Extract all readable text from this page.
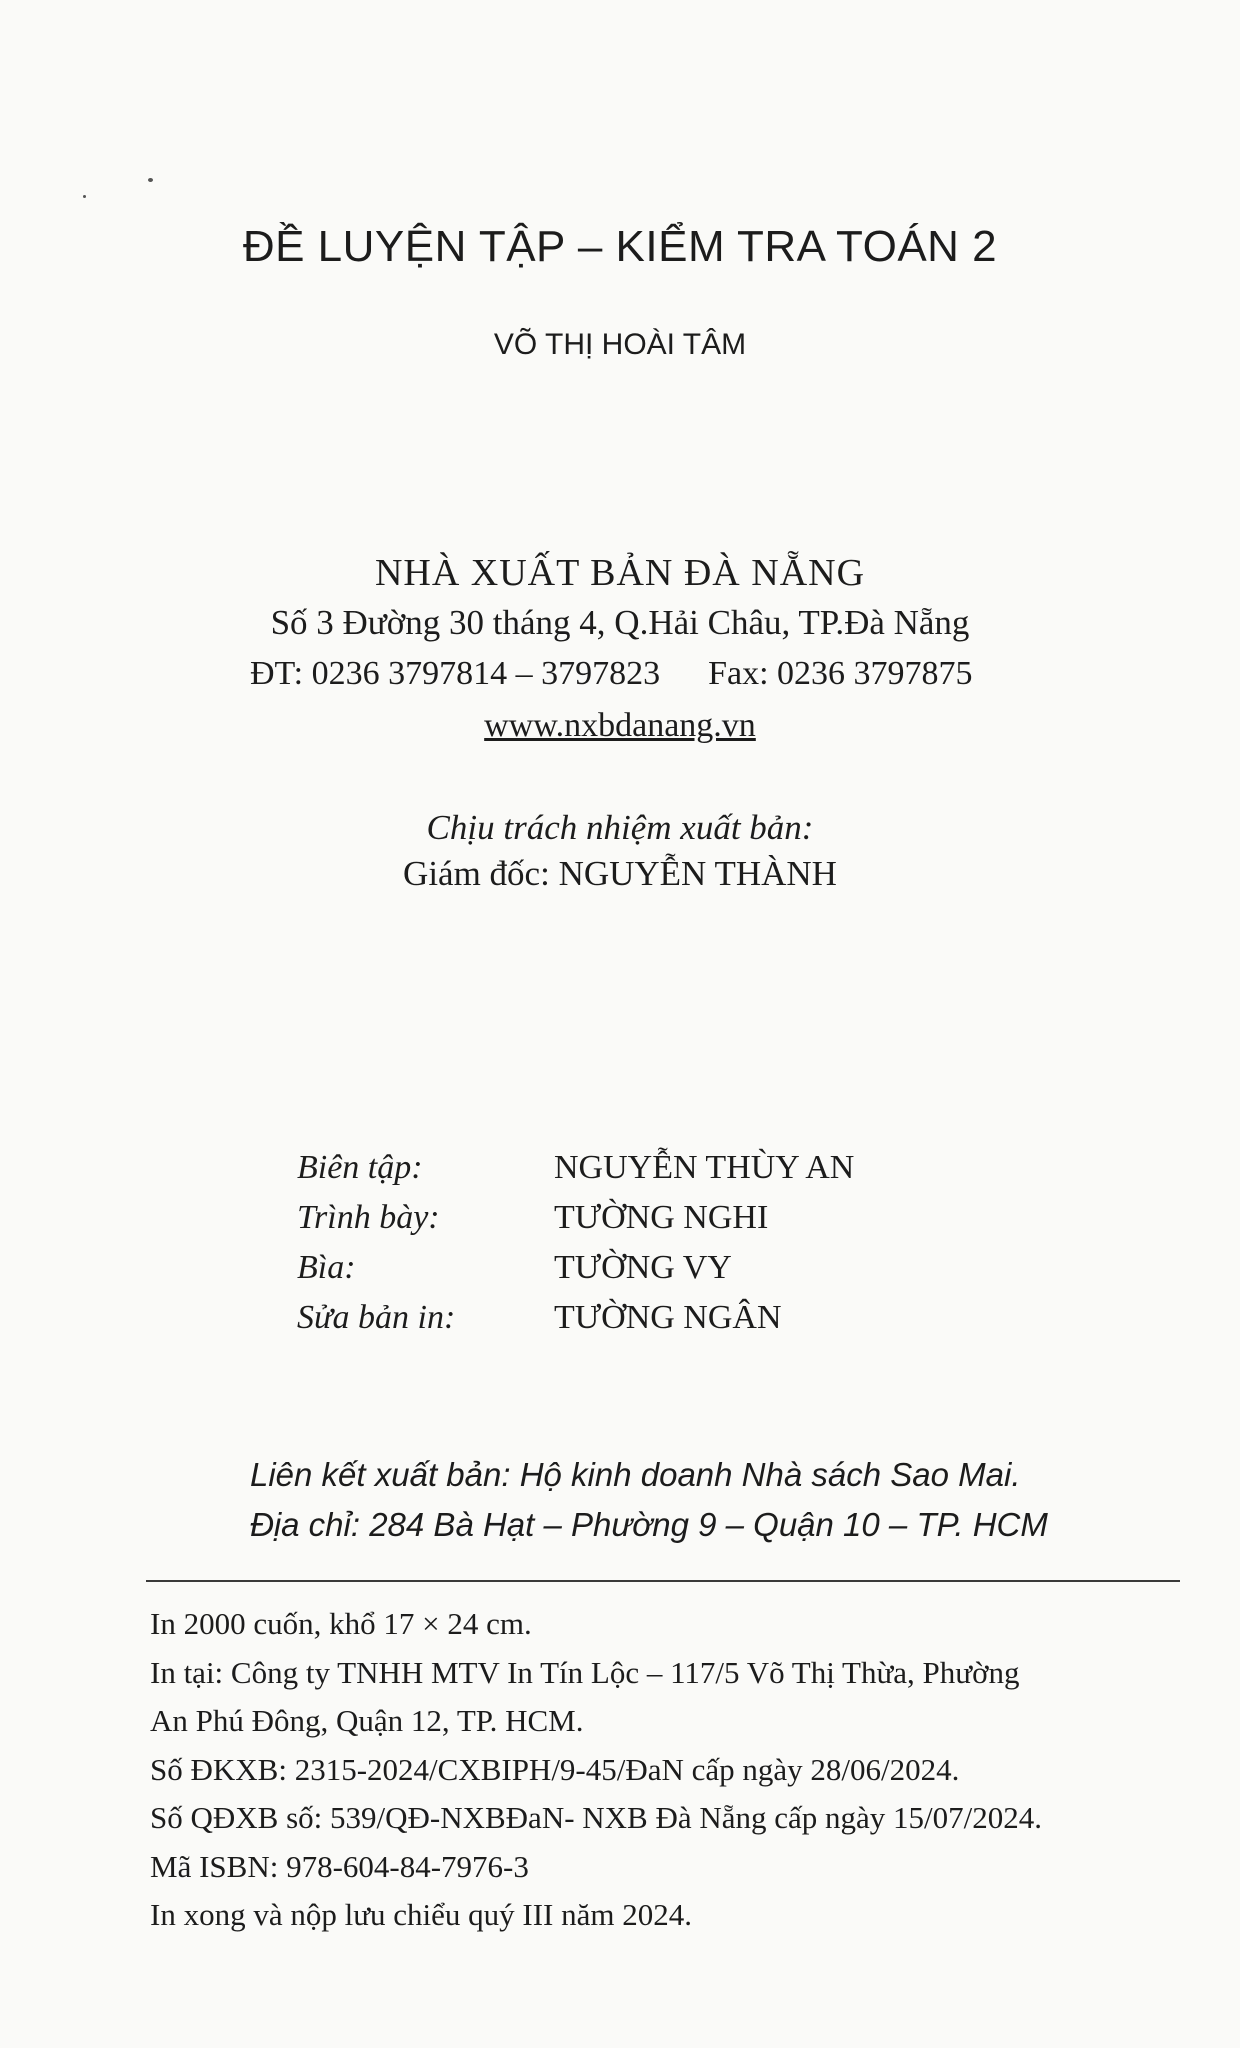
ĐỀ LUYỆN TẬP – KIỂM TRA TOÁN 2
VÕ THỊ HOÀI TÂM
NHÀ XUẤT BẢN ĐÀ NẴNG
Số 3 Đường 30 tháng 4, Q.Hải Châu, TP.Đà Nẵng
ĐT: 0236 3797814 – 3797823 Fax: 0236 3797875
www.nxbdanang.vn
Chịu trách nhiệm xuất bản:
Giám đốc: NGUYỄN THÀNH
Biên tập:	NGUYỄN THÙY AN
Trình bày:	TƯỜNG NGHI
Bìa:	TƯỜNG VY
Sửa bản in:	TƯỜNG NGÂN
Liên kết xuất bản: Hộ kinh doanh Nhà sách Sao Mai.
Địa chỉ: 284 Bà Hạt – Phường 9 – Quận 10 – TP. HCM
In 2000 cuốn, khổ 17 × 24 cm.
In tại: Công ty TNHH MTV In Tín Lộc – 117/5 Võ Thị Thừa, Phường
An Phú Đông, Quận 12, TP. HCM.
Số ĐKXB: 2315-2024/CXBIPH/9-45/ĐaN cấp ngày 28/06/2024.
Số QĐXB số: 539/QĐ-NXBĐaN- NXB Đà Nẵng cấp ngày 15/07/2024.
Mã ISBN: 978-604-84-7976-3
In xong và nộp lưu chiểu quý III năm 2024.
